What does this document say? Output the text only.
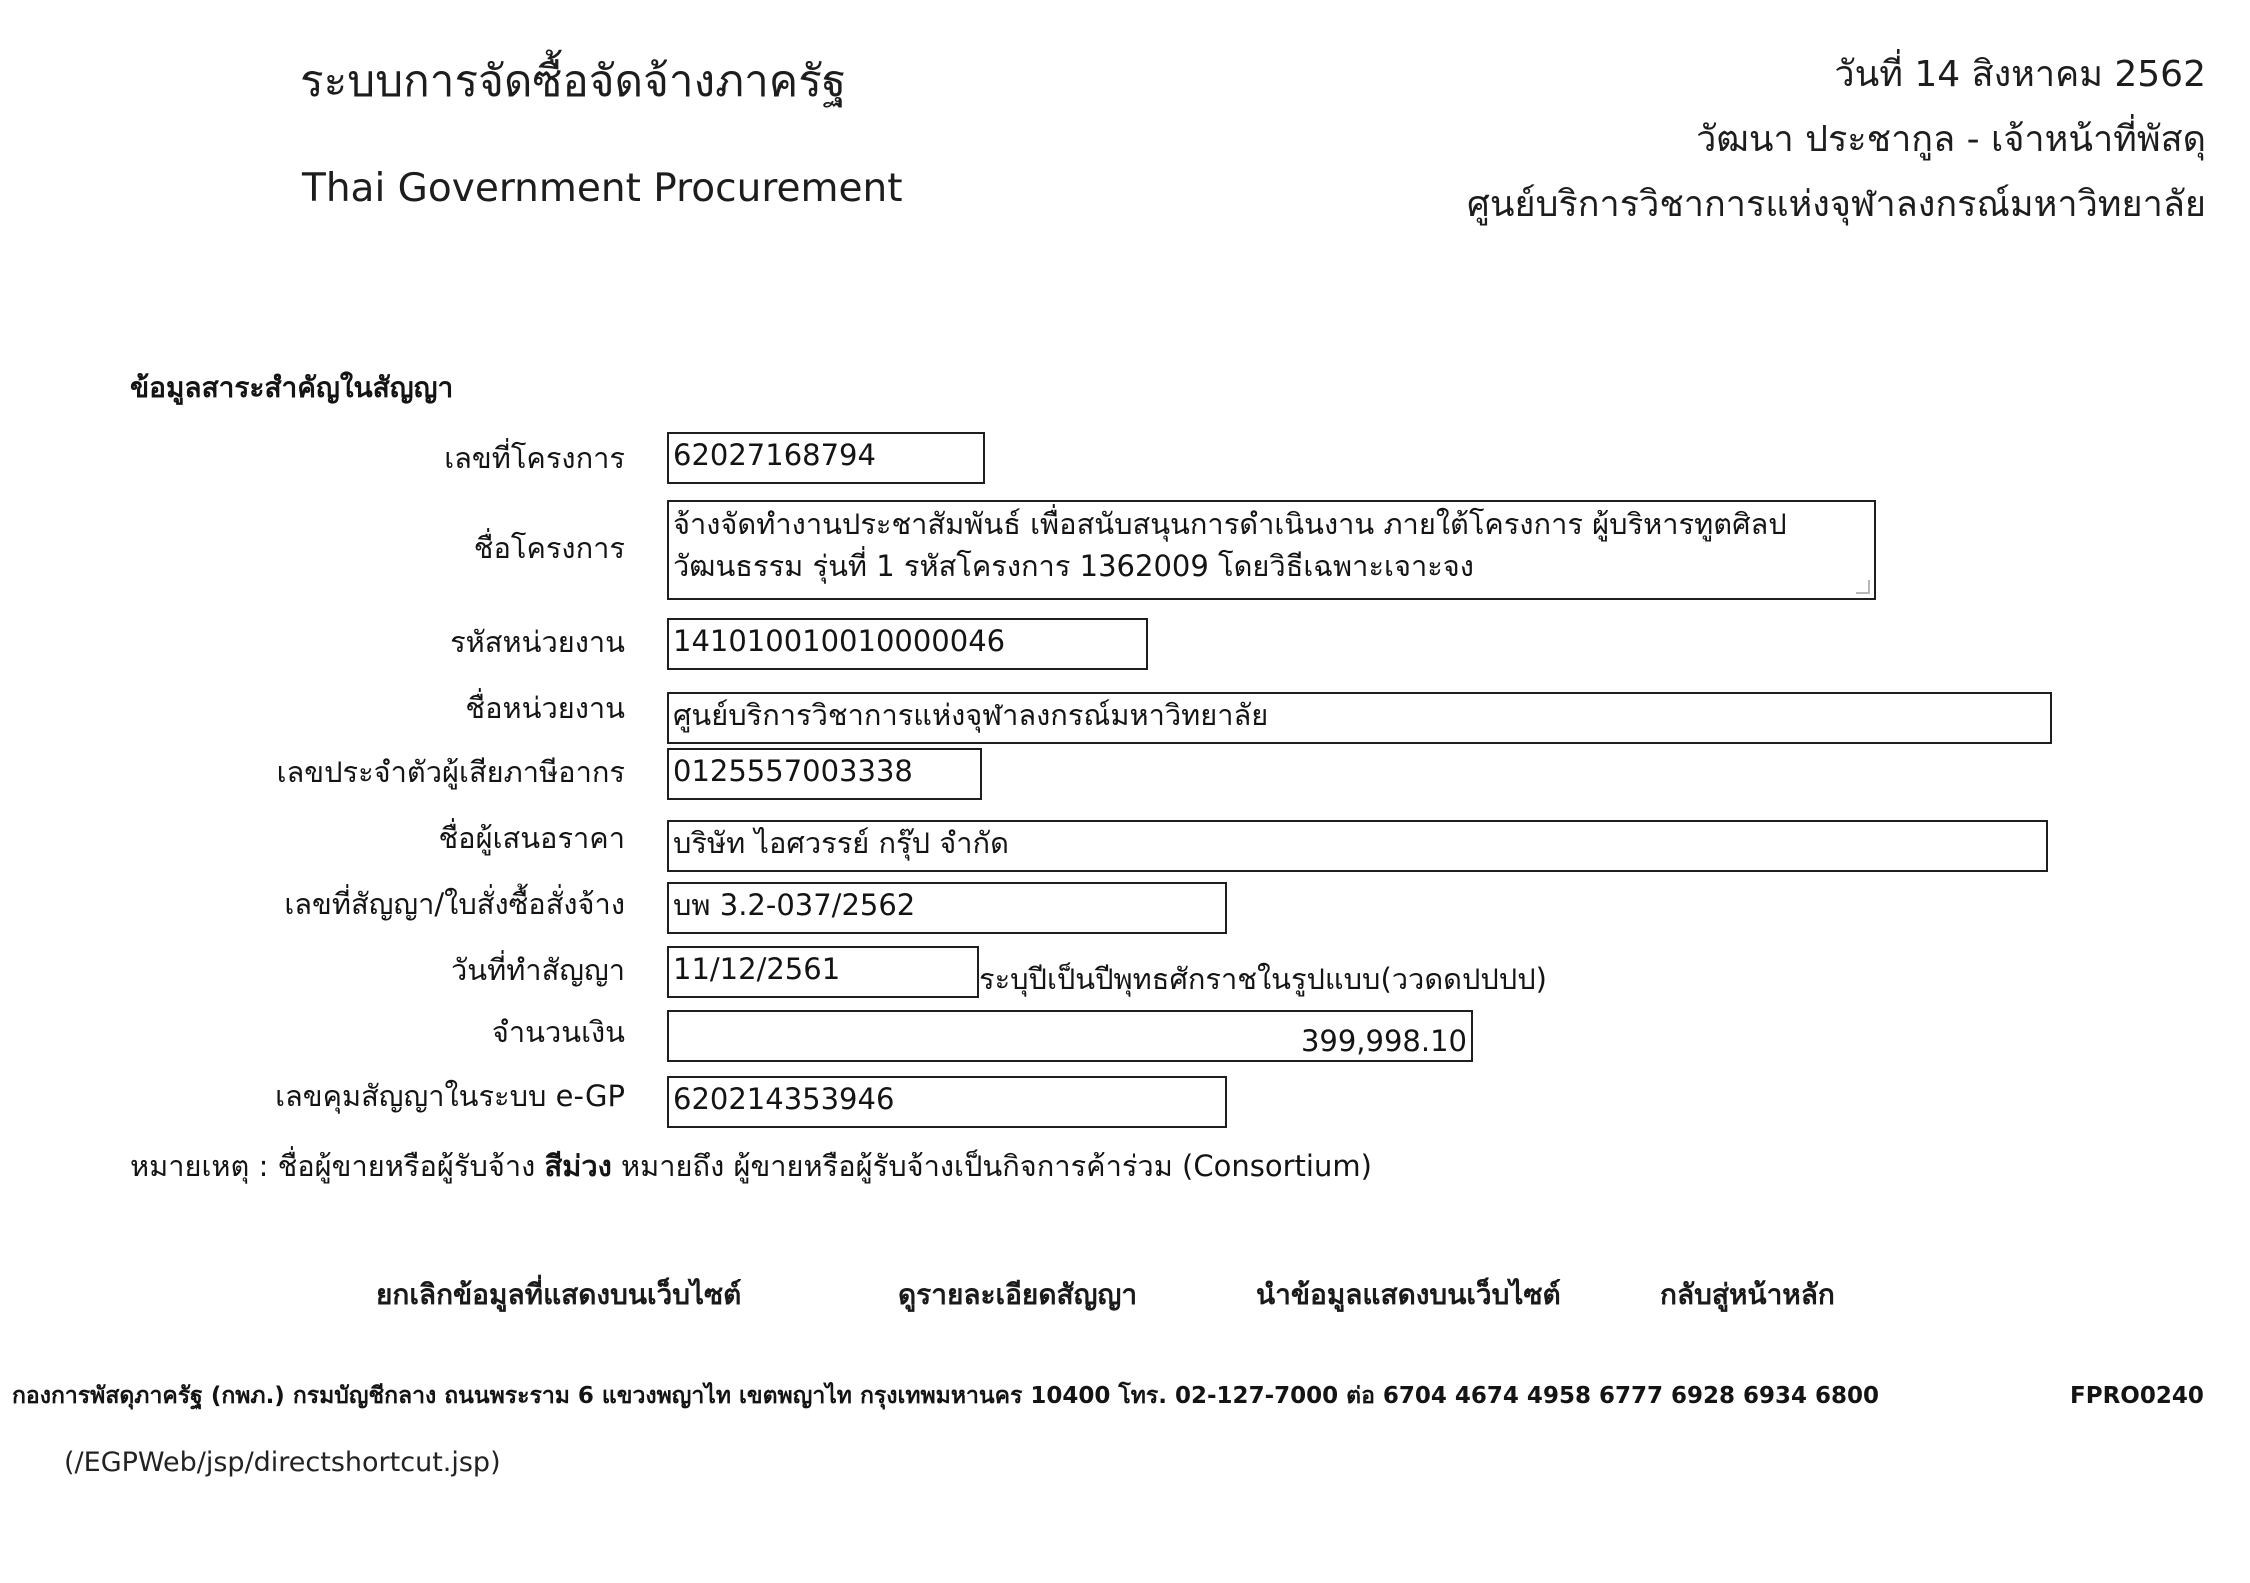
ระบบการจัดซื้อจัดจ้างภาครัฐ
Thai Government Procurement
วันที่ 14 สิงหาคม 2562
วัฒนา ประชากูล - เจ้าหน้าที่พัสดุ
ศูนย์บริการวิชาการแห่งจุฬาลงกรณ์มหาวิทยาลัย
ข้อมูลสาระสำคัญในสัญญา
เลขที่โครงการ 62027168794
ชื่อโครงการ
จ้างจัดทำงานประชาสัมพันธ์ เพื่อสนับสนุนการดำเนินงาน ภายใต้โครงการ ผู้บริหารทูตศิลป วัฒนธรรม รุ่นที่ 1 รหัสโครงการ 1362009 โดยวิธีเฉพาะเจาะจง
รหัสหน่วยงาน 14101001001000004​6
ชื่อหน่วยงาน ศูนย์บริการวิชาการแห่งจุฬาลงกรณ์มหาวิทยาลัย
เลขประจำตัวผู้เสียภาษีอากร 0125557003338
ชื่อผู้เสนอราคา บริษัท ไอศวรรย์ กรุ๊ป จำกัด
เลขที่สัญญา/ใบสั่งซื้อสั่งจ้าง บพ 3.2-037/2562
วันที่ทำสัญญา 11/12/2561	ระบุปีเป็นปีพุทธศักราชในรูปแบบ(ววดดปปปป)
จำนวนเงิน	399,998.10
เลขคุมสัญญาในระบบ e-GP 620214353946
หมายเหตุ : ชื่อผู้ขายหรือผู้รับจ้าง สีม่วง หมายถึง ผู้ขายหรือผู้รับจ้างเป็นกิจการค้าร่วม (Consortium)
ยกเลิกข้อมูลที่แสดงบนเว็บไซต์	ดูรายละเอียดสัญญา	นำข้อมูลแสดงบนเว็บไซต์	กลับสู่หน้าหลัก
กองการพัสดุภาครัฐ (กพภ.) กรมบัญชีกลาง ถนนพระราม 6 แขวงพญาไท เขตพญาไท กรุงเทพมหานคร 10400 โทร. 02-127-7000 ต่อ 6704 4674 4958 6777 6928 6934 6800	FPRO0240
(/EGPWeb/jsp/directshortcut.jsp)
